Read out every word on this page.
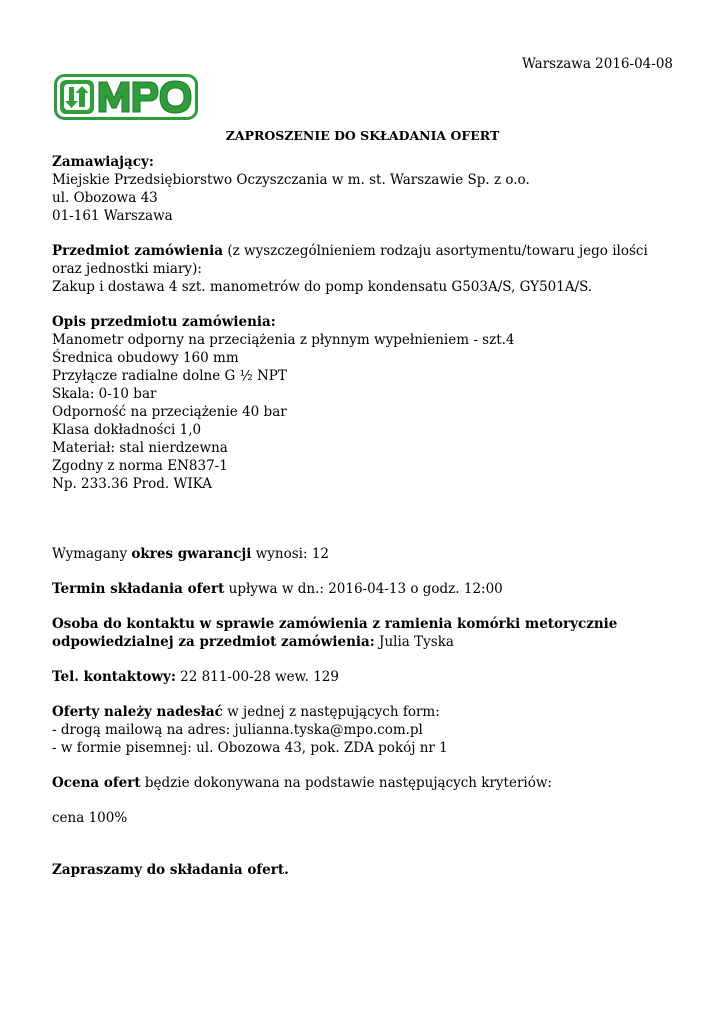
Warszawa 2016-04-08
ZAPROSZENIE DO SKŁADANIA OFERT
Zamawiający:
Miejskie Przedsiębiorstwo Oczyszczania w m. st. Warszawie Sp. z o.o.
ul. Obozowa 43
01-161 Warszawa
Przedmiot zamówienia (z wyszczególnieniem rodzaju asortymentu/towaru jego ilości oraz jednostki miary):
Zakup i dostawa 4 szt. manometrów do pomp kondensatu G503A/S, GY501A/S.
Opis przedmiotu zamówienia:
Manometr odporny na przeciążenia z płynnym wypełnieniem - szt.4
Średnica obudowy 160 mm
Przyłącze radialne dolne G ½ NPT
Skala: 0-10 bar
Odporność na przeciążenie 40 bar
Klasa dokładności 1,0
Materiał: stal nierdzewna
Zgodny z norma EN837-1
Np. 233.36 Prod. WIKA
Wymagany okres gwarancji wynosi: 12
Termin składania ofert upływa w dn.: 2016-04-13 o godz. 12:00
Osoba do kontaktu w sprawie zamówienia z ramienia komórki metorycznie odpowiedzialnej za przedmiot zamówienia: Julia Tyska
Tel. kontaktowy: 22 811-00-28 wew. 129
Oferty należy nadesłać w jednej z następujących form:
- drogą mailową na adres: julianna.tyska@mpo.com.pl
- w formie pisemnej: ul. Obozowa 43, pok. ZDA pokój nr 1
Ocena ofert będzie dokonywana na podstawie następujących kryteriów:
cena 100%
Zapraszamy do składania ofert.
